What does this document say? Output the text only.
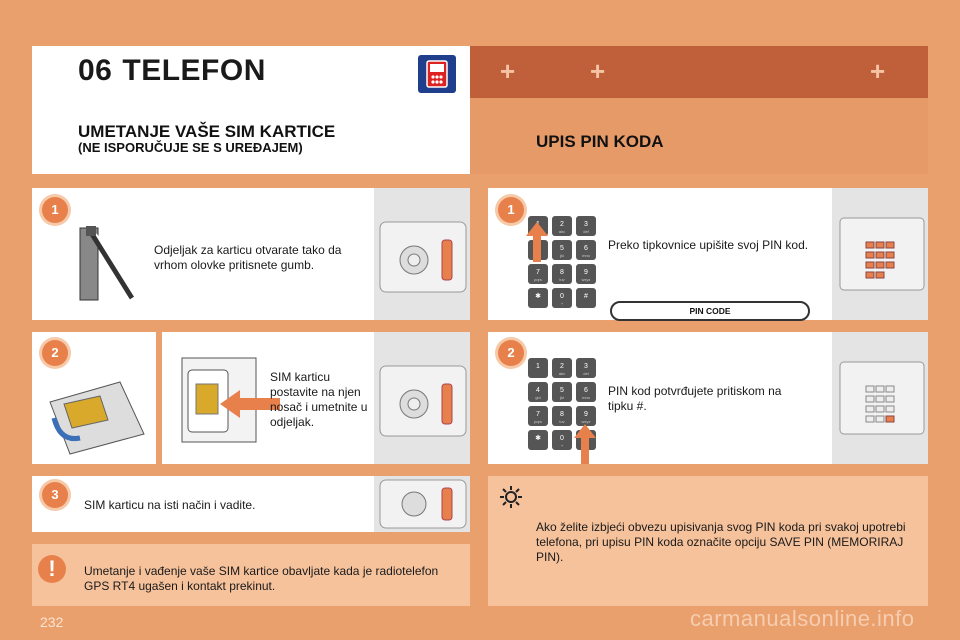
+	+	+
06 TELEFON
UMETANJE VAŠE SIM KARTICE
(NE ISPORUČUJE SE S UREĐAJEM)	UPIS PIN KODA
1
Odjeljak za karticu otvarate tako da vrhom olovke pritisnete gumb.
2
SIM karticu postavite na njen nosač i umetnite u odjeljak.
3
SIM karticu na isti način i vadite.
Umetanje i vađenje vaše SIM kartice obavljate kada je radiotelefon GPS RT4 ugašen i kontakt prekinut.
!
1
2
abc
3
def
5
jkl
6
mno
7
pqrs
8
tuv
9
wxyz
✱	0
+
#
Preko tipkovnice upišite svoj PIN kod.
PIN CODE
2
1	2
abc
3
def
4
ghi
5
jkl
6
mno
7
pqrs
8
tuv
9
wxyz
✱	0
+
PIN kod potvrđujete pritiskom na tipku #.
Ako želite izbjeći obvezu upisivanja svog PIN koda pri svakoj upotrebi telefona, pri upisu PIN koda označite opciju SAVE PIN (MEMORIRAJ PIN).
232	carmanualsonline.info
